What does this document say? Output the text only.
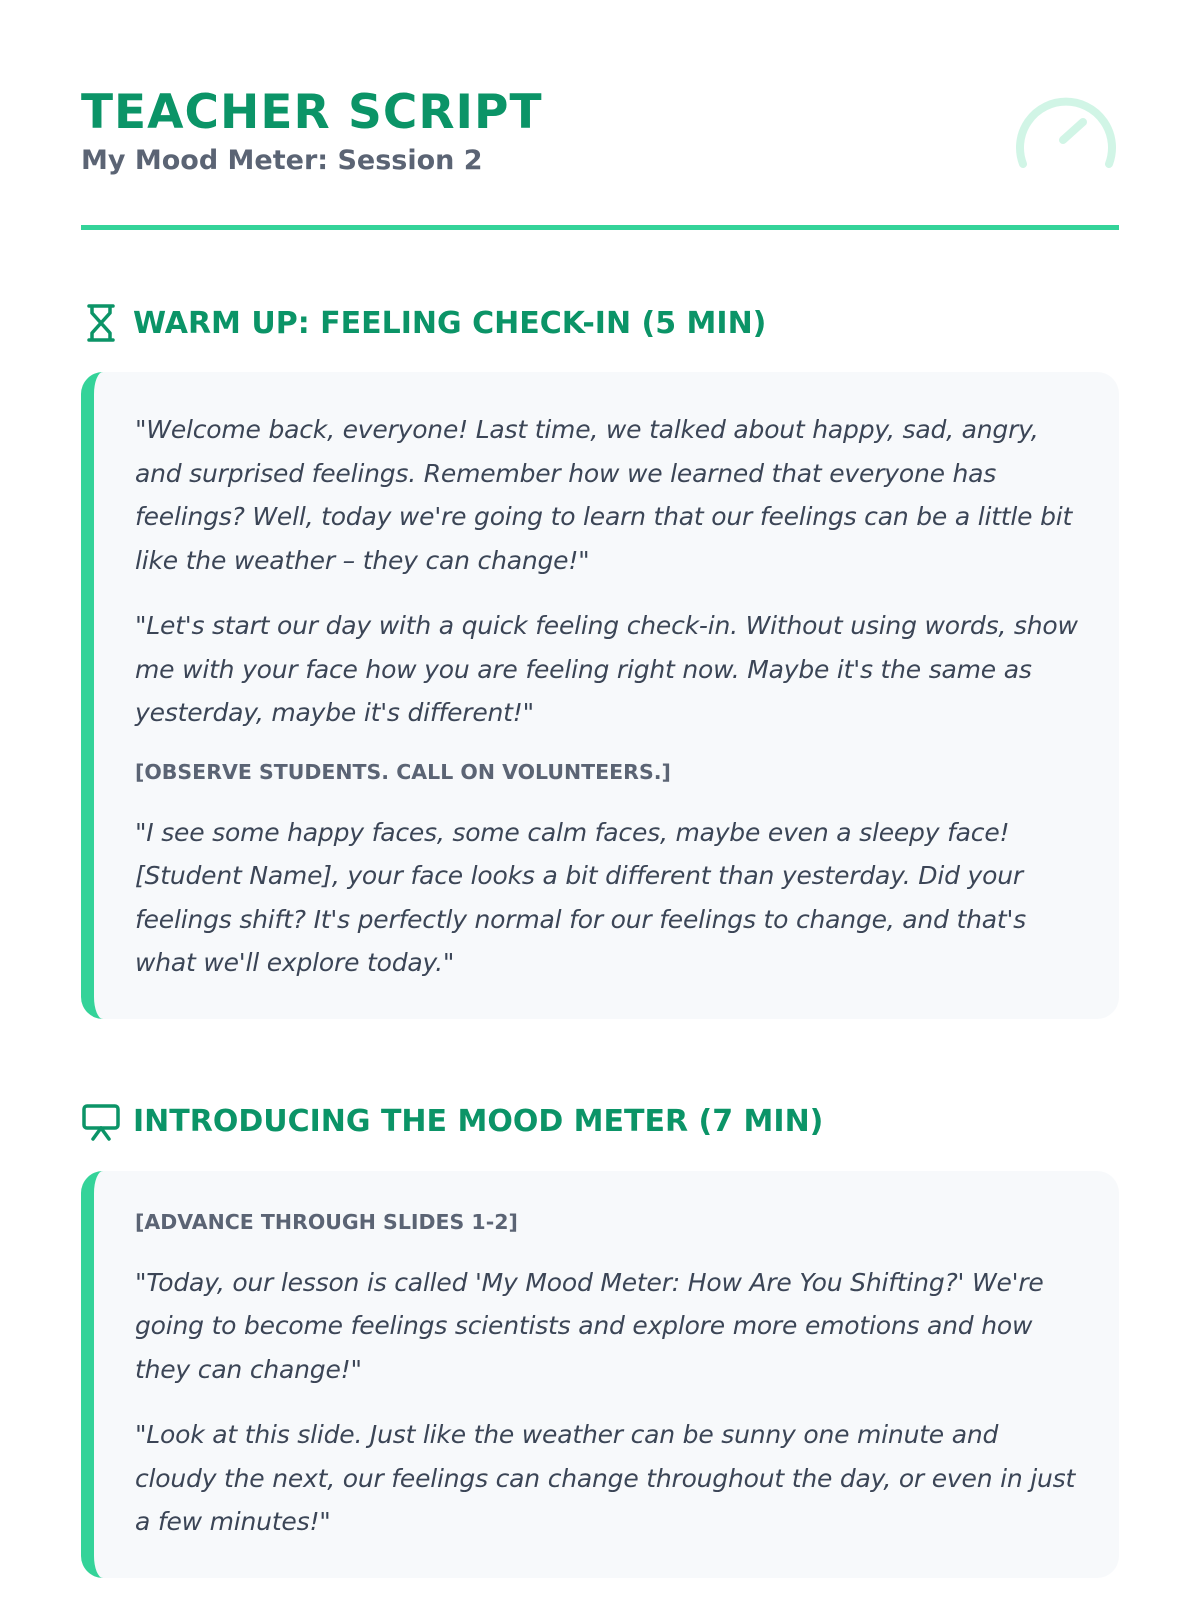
TEACHER SCRIPT
My Mood Meter: Session 2
WARM UP: FEELING CHECK-IN (5 MIN)

"Welcome back, everyone! Last time, we talked about happy, sad, angry, and surprised feelings. Remember how we learned that everyone has feelings? Well, today we're going to learn that our feelings can be a little bit like the weather – they can change!"

"Let's start our day with a quick feeling check-in. Without using words, show me with your face how you are feeling right now. Maybe it's the same as yesterday, maybe it's different!"

[OBSERVE STUDENTS. CALL ON VOLUNTEERS.]

"I see some happy faces, some calm faces, maybe even a sleepy face! [Student Name], your face looks a bit different than yesterday. Did your feelings shift? It's perfectly normal for our feelings to change, and that's what we'll explore today."

INTRODUCING THE MOOD METER (7 MIN)

[ADVANCE THROUGH SLIDES 1-2]

"Today, our lesson is called 'My Mood Meter: How Are You Shifting?' We're going to become feelings scientists and explore more emotions and how they can change!"

"Look at this slide. Just like the weather can be sunny one minute and cloudy the next, our feelings can change throughout the day, or even in just a few minutes!"
